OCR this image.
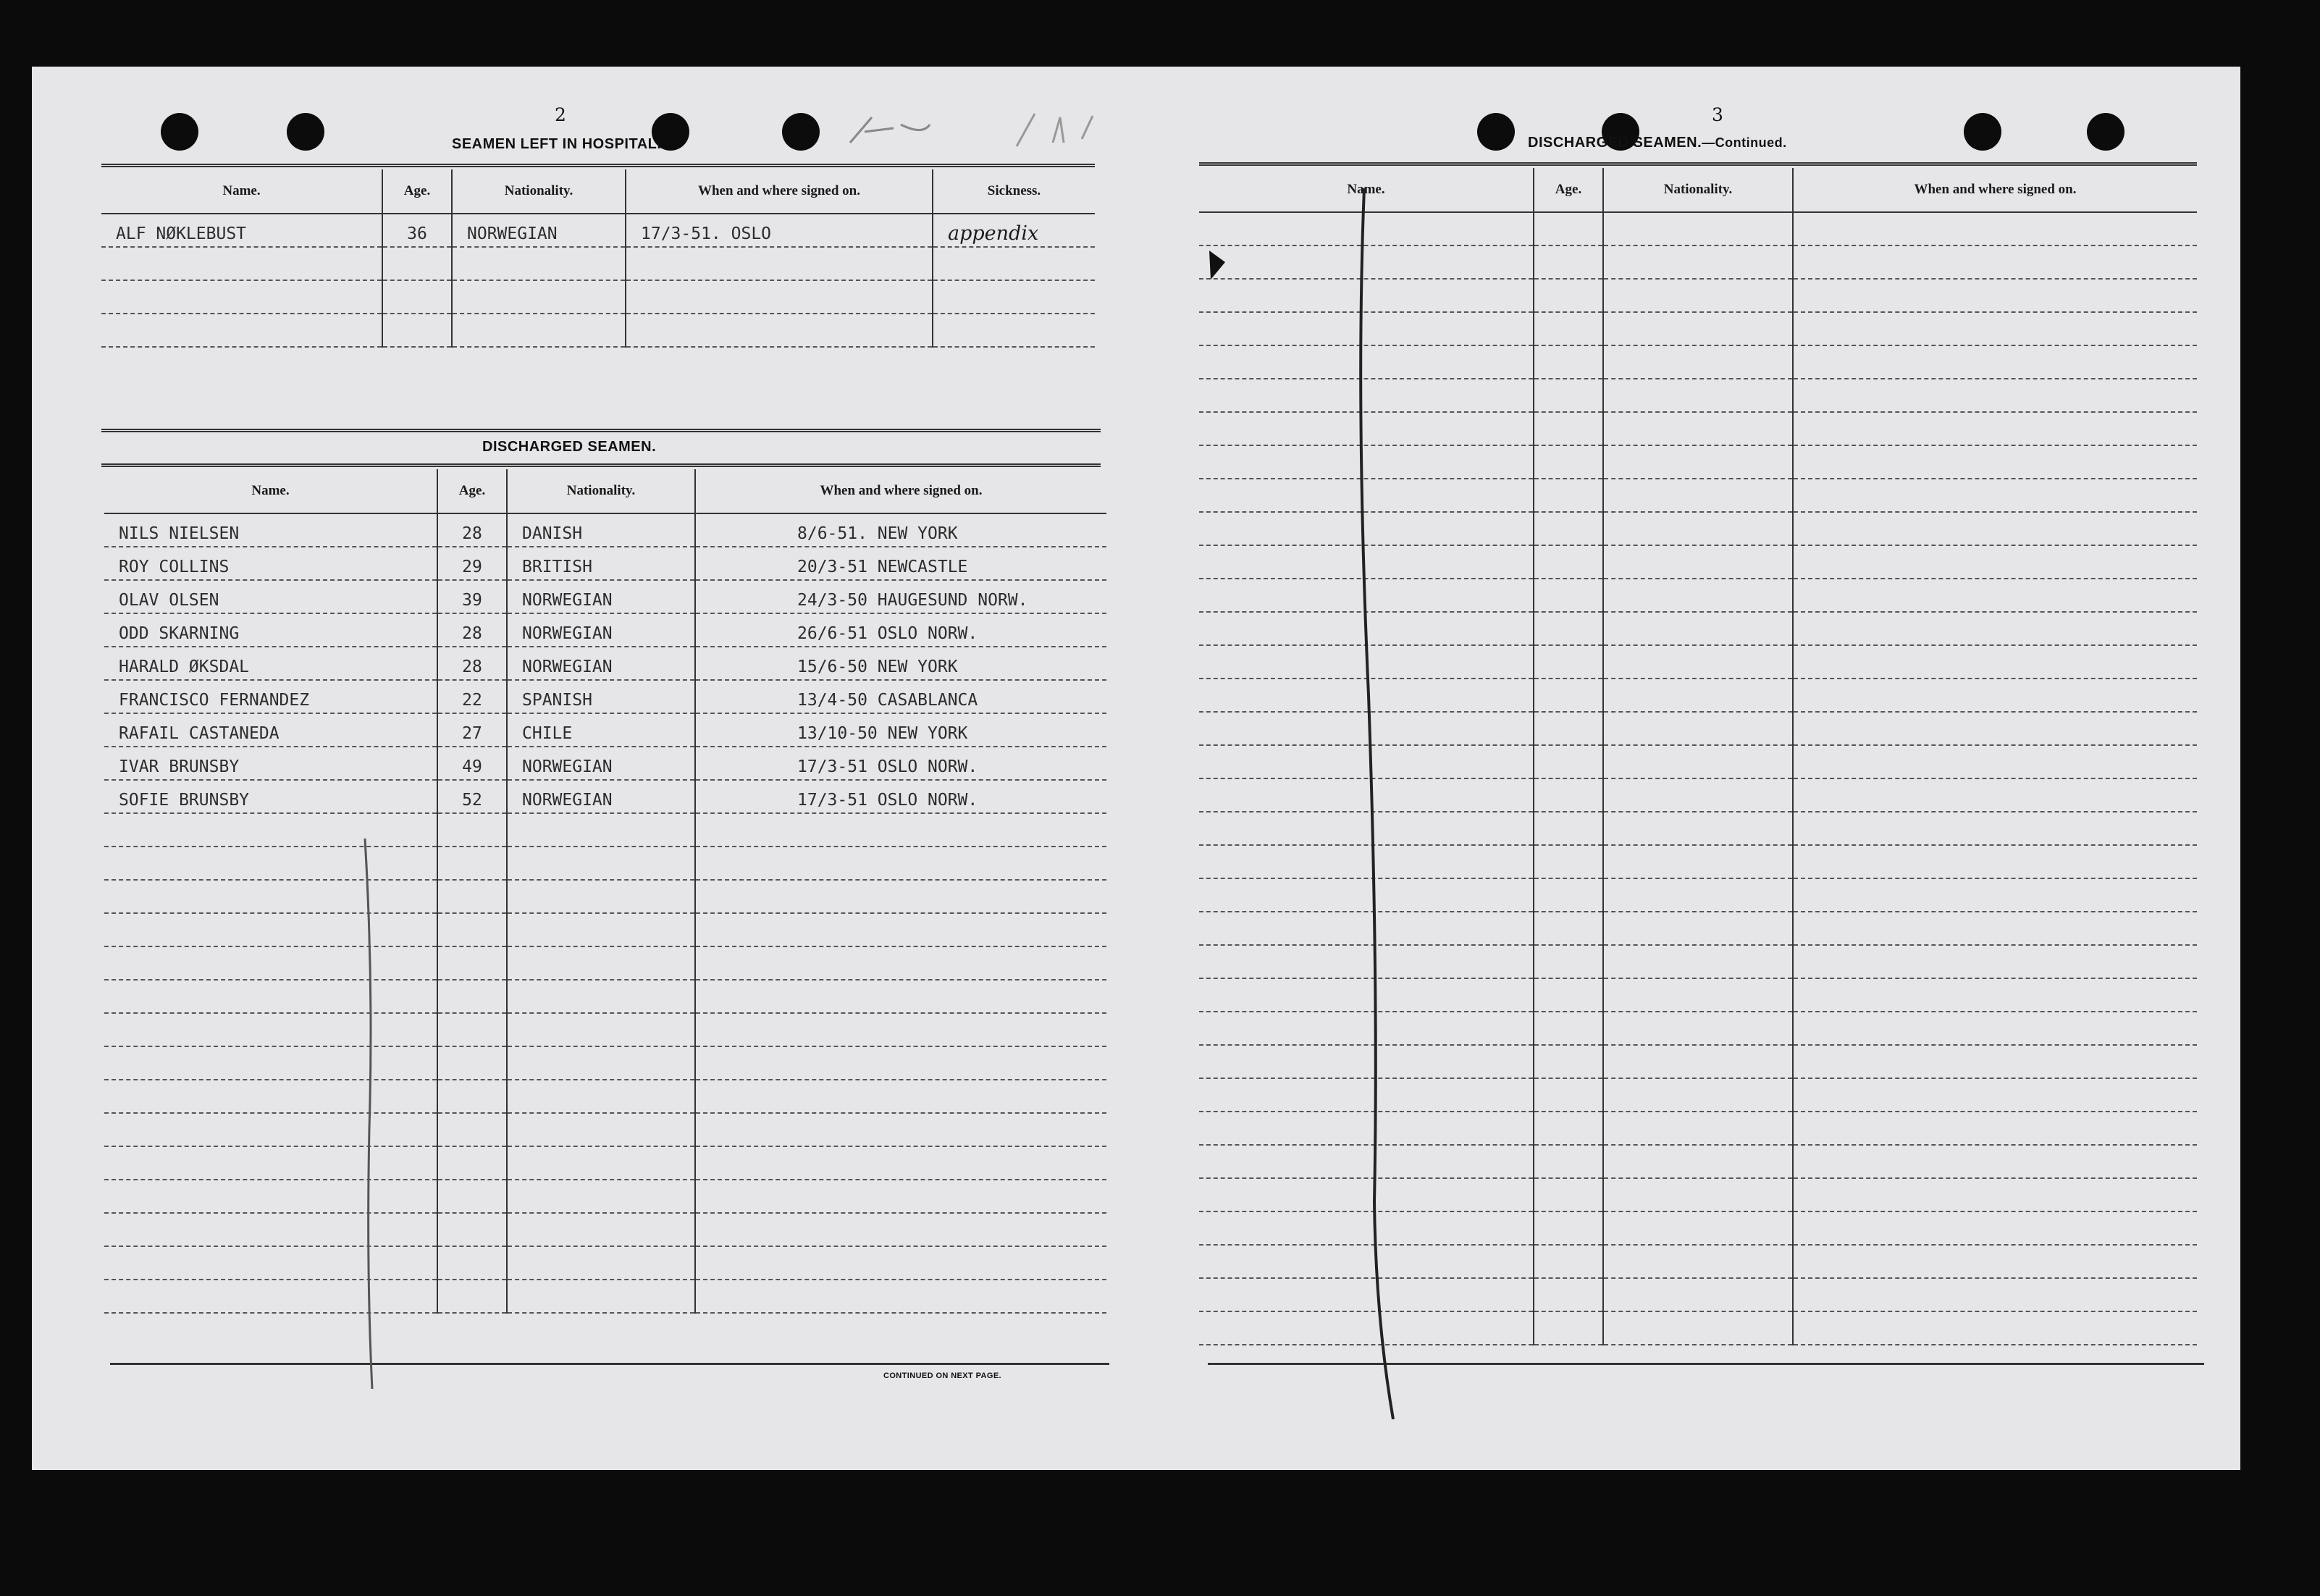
2
SEAMEN LEFT IN HOSPITAL.
Name.	Age.	Nationality.	When and where signed on.	Sickness.
ALF NØKLEBUST	36	NORWEGIAN	17/3-51. OSLO	appendix

DISCHARGED SEAMEN.
Name.	Age.	Nationality.	When and where signed on.
NILS NIELSEN	28	DANISH	8/6-51. NEW YORK
ROY COLLINS	29	BRITISH	20/3-51 NEWCASTLE
OLAV OLSEN	39	NORWEGIAN	24/3-50 HAUGESUND NORW.
ODD SKARNING	28	NORWEGIAN	26/6-51 OSLO NORW.
HARALD ØKSDAL	28	NORWEGIAN	15/6-50 NEW YORK
FRANCISCO FERNANDEZ	22	SPANISH	13/4-50 CASABLANCA
RAFAIL CASTANEDA	27	CHILE	13/10-50 NEW YORK
IVAR BRUNSBY	49	NORWEGIAN	17/3-51 OSLO NORW.
SOFIE BRUNSBY	52	NORWEGIAN	17/3-51 OSLO NORW.

CONTINUED ON NEXT PAGE.
3
DISCHARGED SEAMEN.—Continued.
Name.	Age.	Nationality.	When and where signed on.
